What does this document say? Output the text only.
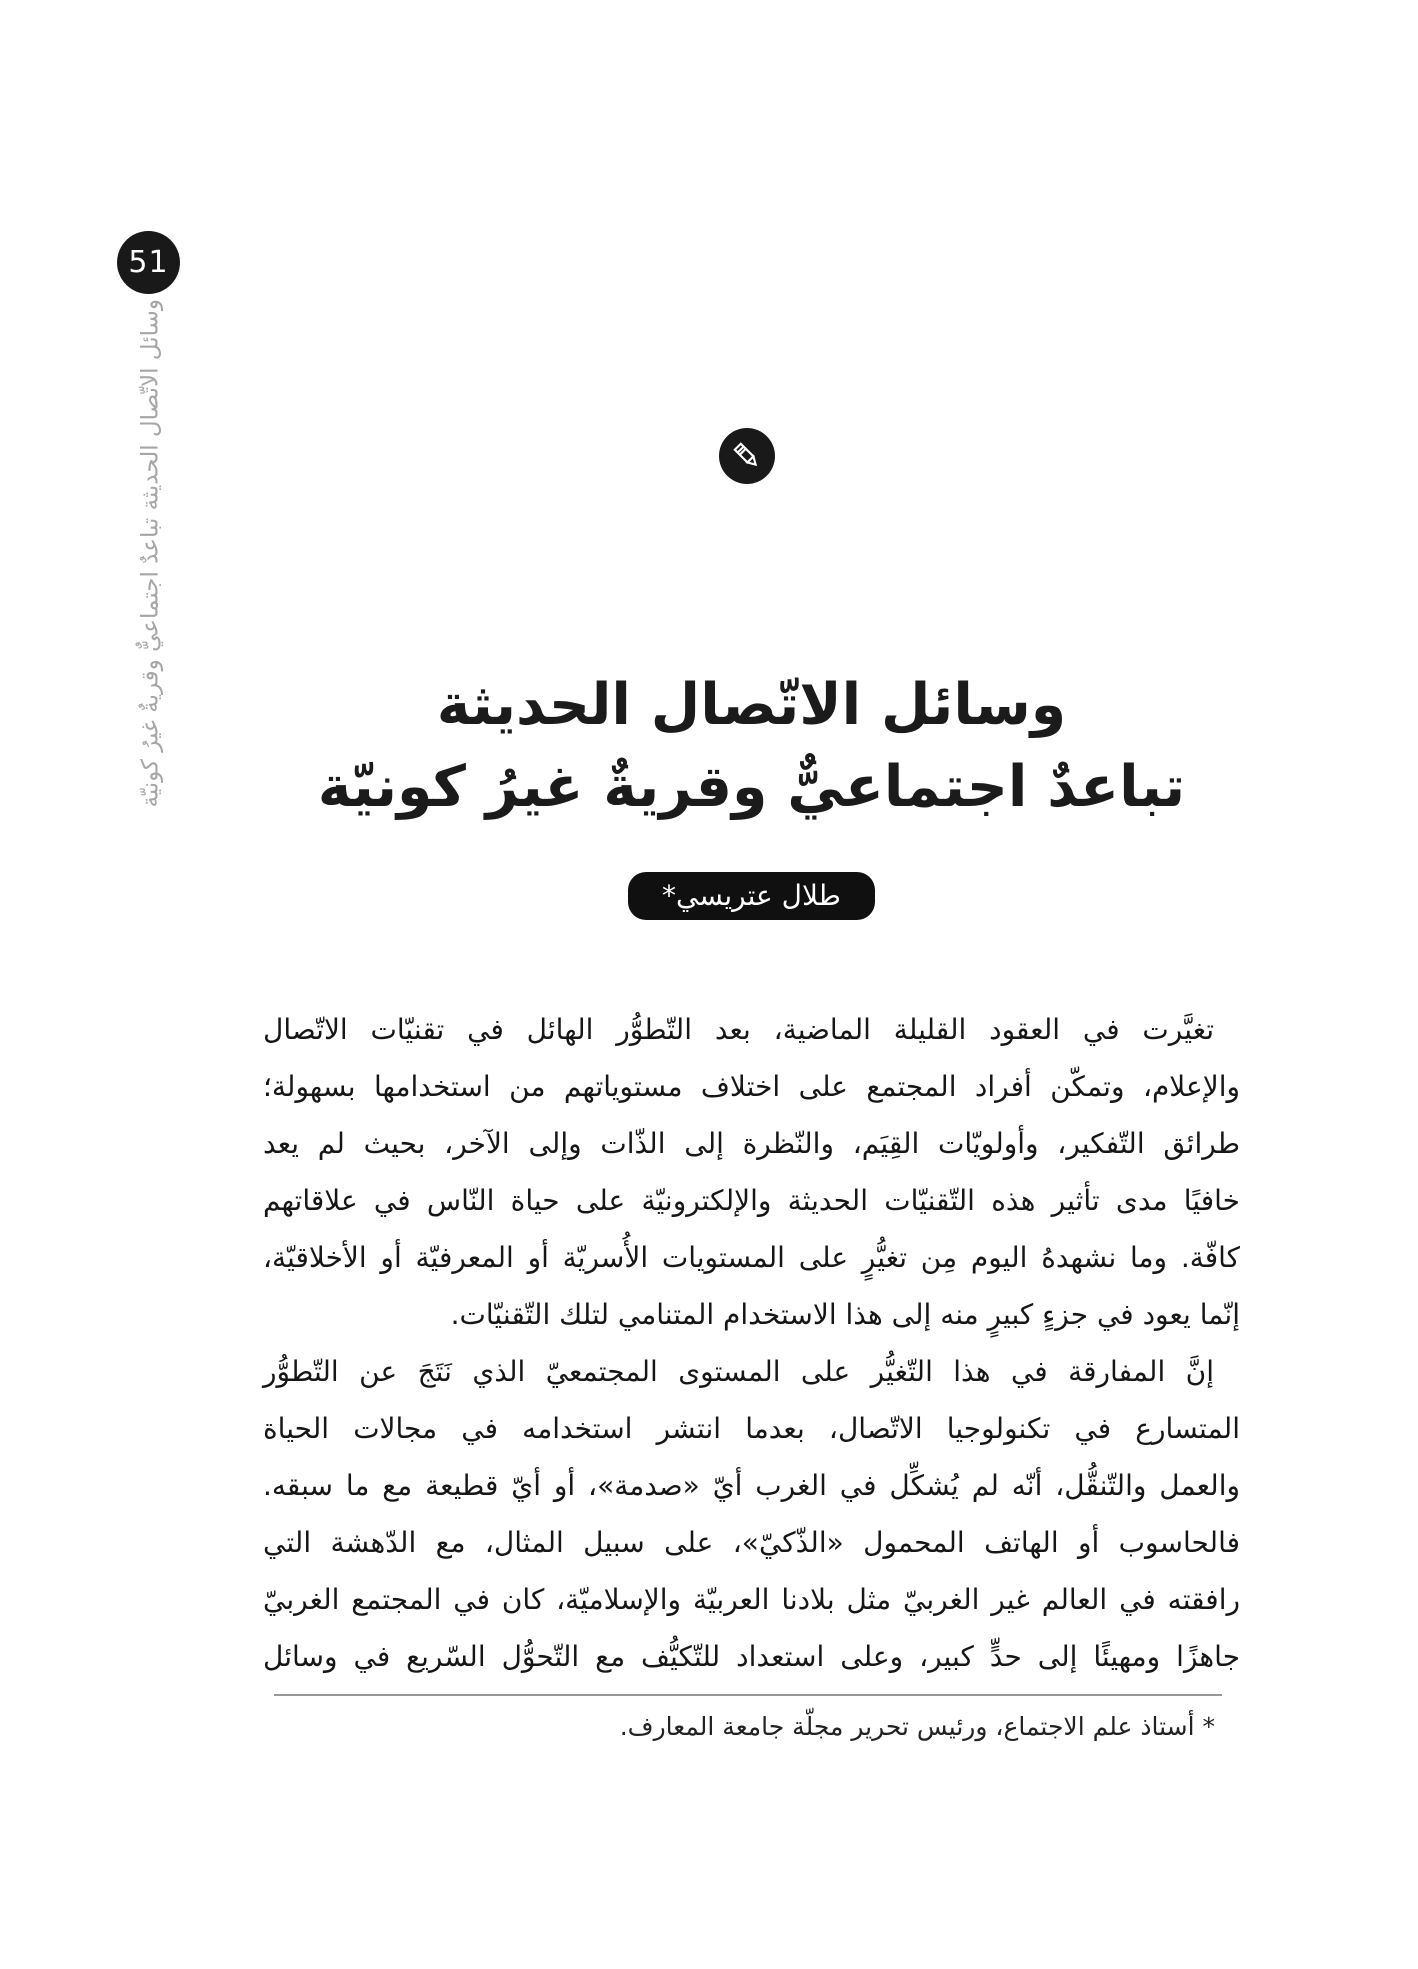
51
وسائل الاتّصال الحديثة تباعدٌ اجتماعيٌّ وقريةٌ غيرُ كونيّة	وسائل الاتّصال الحديثة
تباعدٌ اجتماعيٌّ وقريةٌ غيرُ كونيّة
طلال عتريسي*
تغيَّرت في العقود القليلة الماضية، بعد التّطوُّر الهائل في تقنيّات الاتّصال
والإعلام، وتمكّن أفراد المجتمع على اختلاف مستوياتهم من استخدامها بسهولة؛
طرائق التّفكير، وأولويّات القِيَم، والنّظرة إلى الذّات وإلى الآخر، بحيث لم يعد
خافيًا مدى تأثير هذه التّقنيّات الحديثة والإلكترونيّة على حياة النّاس في علاقاتهم
كافّة. وما نشهدهُ اليوم مِن تغيُّرٍ على المستويات الأُسريّة أو المعرفيّة أو الأخلاقيّة،
إنّما يعود في جزءٍ كبيرٍ منه إلى هذا الاستخدام المتنامي لتلك التّقنيّات.
إنَّ المفارقة في هذا التّغيُّر على المستوى المجتمعيّ الذي نَتَجَ عن التّطوُّر
المتسارع في تكنولوجيا الاتّصال، بعدما انتشر استخدامه في مجالات الحياة
والعمل والتّنقُّل، أنّه لم يُشكِّل في الغرب أيّ «صدمة»، أو أيّ قطيعة مع ما سبقه.
فالحاسوب أو الهاتف المحمول «الذّكيّ»، على سبيل المثال، مع الدّهشة التي
رافقته في العالم غير الغربيّ مثل بلادنا العربيّة والإسلاميّة، كان في المجتمع الغربيّ
جاهزًا ومهيئًا إلى حدٍّ كبير، وعلى استعداد للتّكيُّف مع التّحوُّل السّريع في وسائل
* أستاذ علم الاجتماع، ورئيس تحرير مجلّة جامعة المعارف.
